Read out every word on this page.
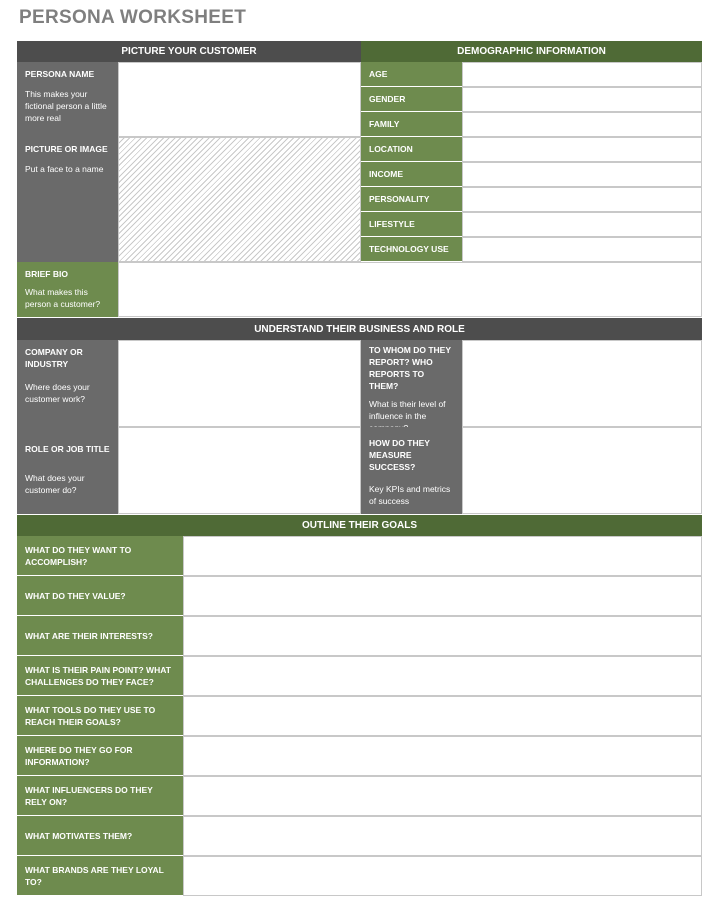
PERSONA WORKSHEET
PICTURE YOUR CUSTOMER	DEMOGRAPHIC INFORMATION
PERSONA NAME
This makes your fictional person a little more real
PICTURE OR IMAGE
Put a face to a name
AGE
GENDER
FAMILY
LOCATION
INCOME
PERSONALITY
LIFESTYLE
TECHNOLOGY USE
BRIEF BIO
What makes this person a customer?
UNDERSTAND THEIR BUSINESS AND ROLE
COMPANY OR INDUSTRY
Where does your customer work?
ROLE OR JOB TITLE
What does your customer do?
TO WHOM DO THEY REPORT? WHO REPORTS TO THEM?
What is their level of influence in the
HOW DO THEY MEASURE SUCCESS?
Key KPIs and metrics of success
OUTLINE THEIR GOALS
WHAT DO THEY WANT TO ACCOMPLISH?
WHAT DO THEY VALUE?
WHAT ARE THEIR INTERESTS?
WHAT IS THEIR PAIN POINT? WHAT CHALLENGES DO THEY FACE?
WHAT TOOLS DO THEY USE TO REACH THEIR GOALS?
WHERE DO THEY GO FOR INFORMATION?
WHAT INFLUENCERS DO THEY RELY ON?
WHAT MOTIVATES THEM?
WHAT BRANDS ARE THEY LOYAL TO?
